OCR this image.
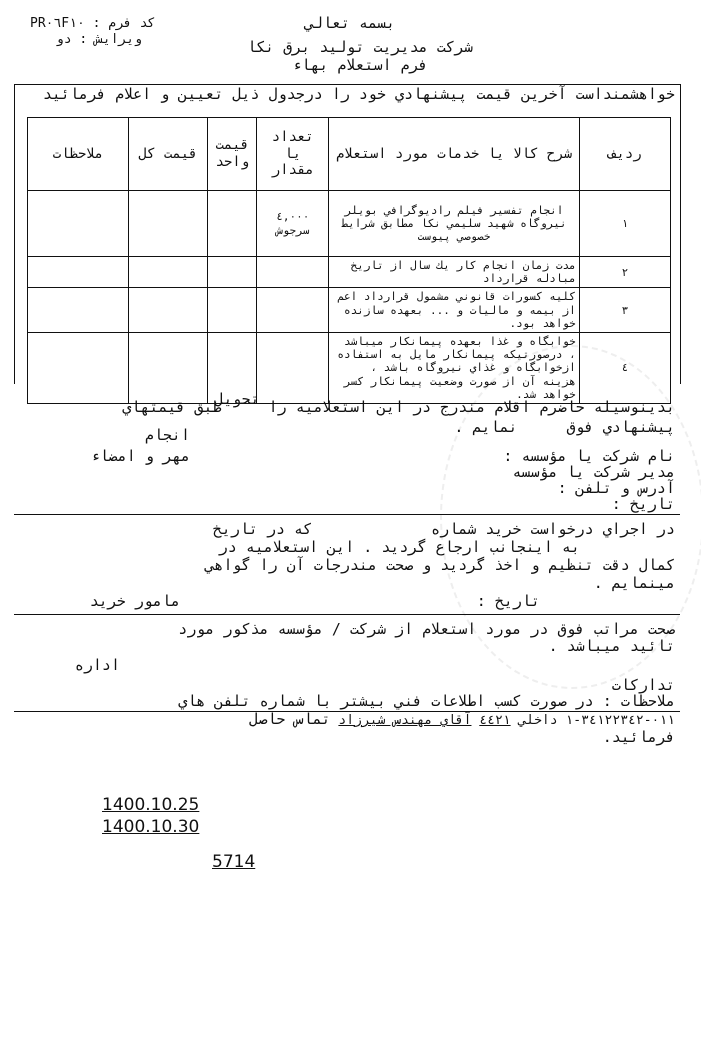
بسمه تعالي
كد فرم : PR٠٦F١٠
ويرايش : دو	شركت مديريت توليد برق نكا
فرم استعلام بهاء
خواهشمنداست آخرين قيمت پيشنهادي خود را درجدول ذيل تعيين و اعلام فرمائيد
رديف	شرح كالا يا خدمات مورد استعلام	تعداد يا مقدار	قيمت واحد	قيمت كل	ملاحظات
١	انجام تفسير فيلم راديوگرافي بويلر نيروگاه شهيد سليمي نكا مطابق شرايط خصوصي پيوست	٤,٠٠٠ سرجوش			
٢	مدت زمان انجام كار يك سال از تاريخ مبادله قرارداد				
٣	كليه كسورات قانوني مشمول قرارداد اعم از بيمه و ماليات و ... بعهده سازنده خواهد بود.				
٤	خوابگاه و غذا بعهده پيمانكار ميباشد ، درصورتيكه پيمانكار مايل به استفاده ازخوابگاه و غذاي نيروگاه باشد ، هزينه آن از صورت وضعيت پيمانكار كسر خواهد شد.				
بدينوسيله حاضرم اقلام مندرج در اين استعلاميه را
تحويل
طبق قيمتهاي
پيشنهادي فوق نمايم .
انجام
نام شركت يا مؤسسه :
مهر و امضاء
مدير شركت يا مؤسسه
آدرس و تلفن :
تاريخ :
در اجراي درخواست خريد شماره كه در تاريخ
به اينجانب ارجاع گرديد . اين استعلاميه در
كمال دقت تنظيم و اخذ گرديد و صحت مندرجات آن را گواهي
مينمايم .
تاريخ :
مامور خريد
صحت مراتب فوق در مورد استعلام از شركت / مؤسسه مذكور مورد
تائيد ميباشد .
اداره
تداركات
ملاحظات : در صورت كسب اطلاعات فني بيشتر با شماره تلفن هاي
٠١١-٣٤١٢٢٣٤٢-١ داخلي ٤٤٢١ آقاي مهندس شيرزاد تماس حاصل
فرمائيد.
1400.10.25
1400.10.30
5714
